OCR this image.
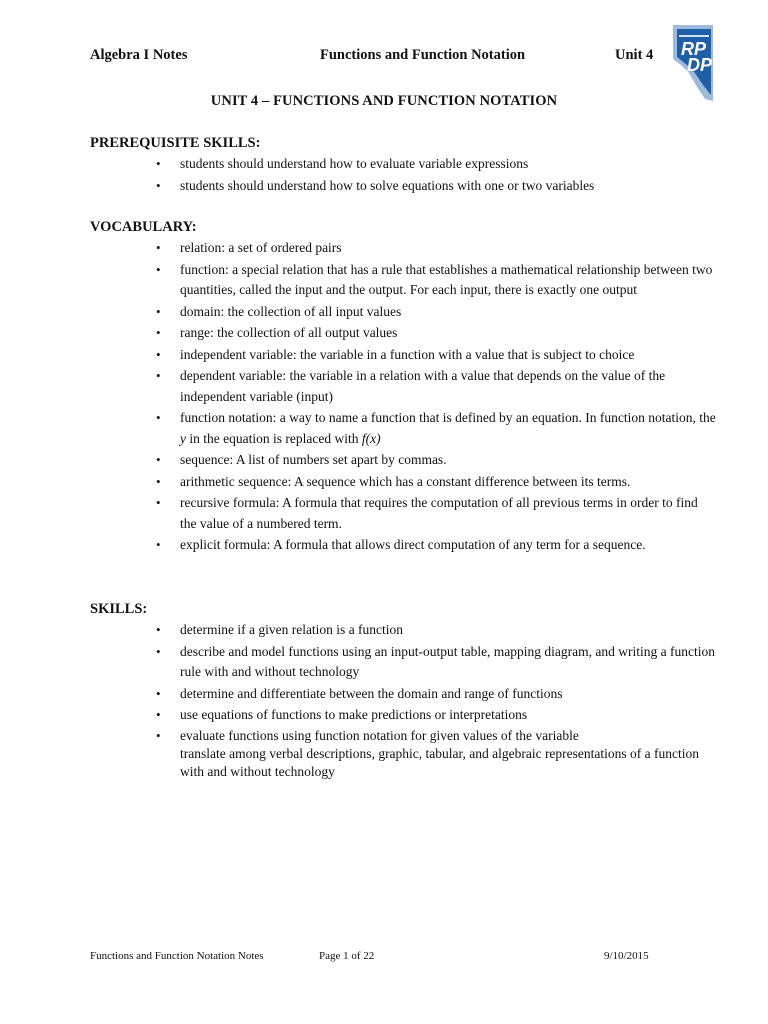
Algebra I Notes	Functions and Function Notation	Unit 4 RP
DP
UNIT 4 – FUNCTIONS AND FUNCTION NOTATION
PREREQUISITE SKILLS:
• students should understand how to evaluate variable expressions
• students should understand how to solve equations with one or two variables
VOCABULARY:
• relation: a set of ordered pairs
• function: a special relation that has a rule that establishes a mathematical relationship between two quantities, called the input and the output. For each input, there is exactly one output
• domain: the collection of all input values
• range: the collection of all output values
• independent variable: the variable in a function with a value that is subject to choice
• dependent variable: the variable in a relation with a value that depends on the value of the independent variable (input)
• function notation: a way to name a function that is defined by an equation. In function notation, the y in the equation is replaced with f(x)
• sequence: A list of numbers set apart by commas.
• arithmetic sequence: A sequence which has a constant difference between its terms.
• recursive formula: A formula that requires the computation of all previous terms in order to find the value of a numbered term.
• explicit formula: A formula that allows direct computation of any term for a sequence.
SKILLS:
• determine if a given relation is a function
• describe and model functions using an input-output table, mapping diagram, and writing a function rule with and without technology
• determine and differentiate between the domain and range of functions
• use equations of functions to make predictions or interpretations
• evaluate functions using function notation for given values of the variable
translate among verbal descriptions, graphic, tabular, and algebraic representations of a function with and without technology
Functions and Function Notation Notes	Page 1 of 22	9/10/2015
